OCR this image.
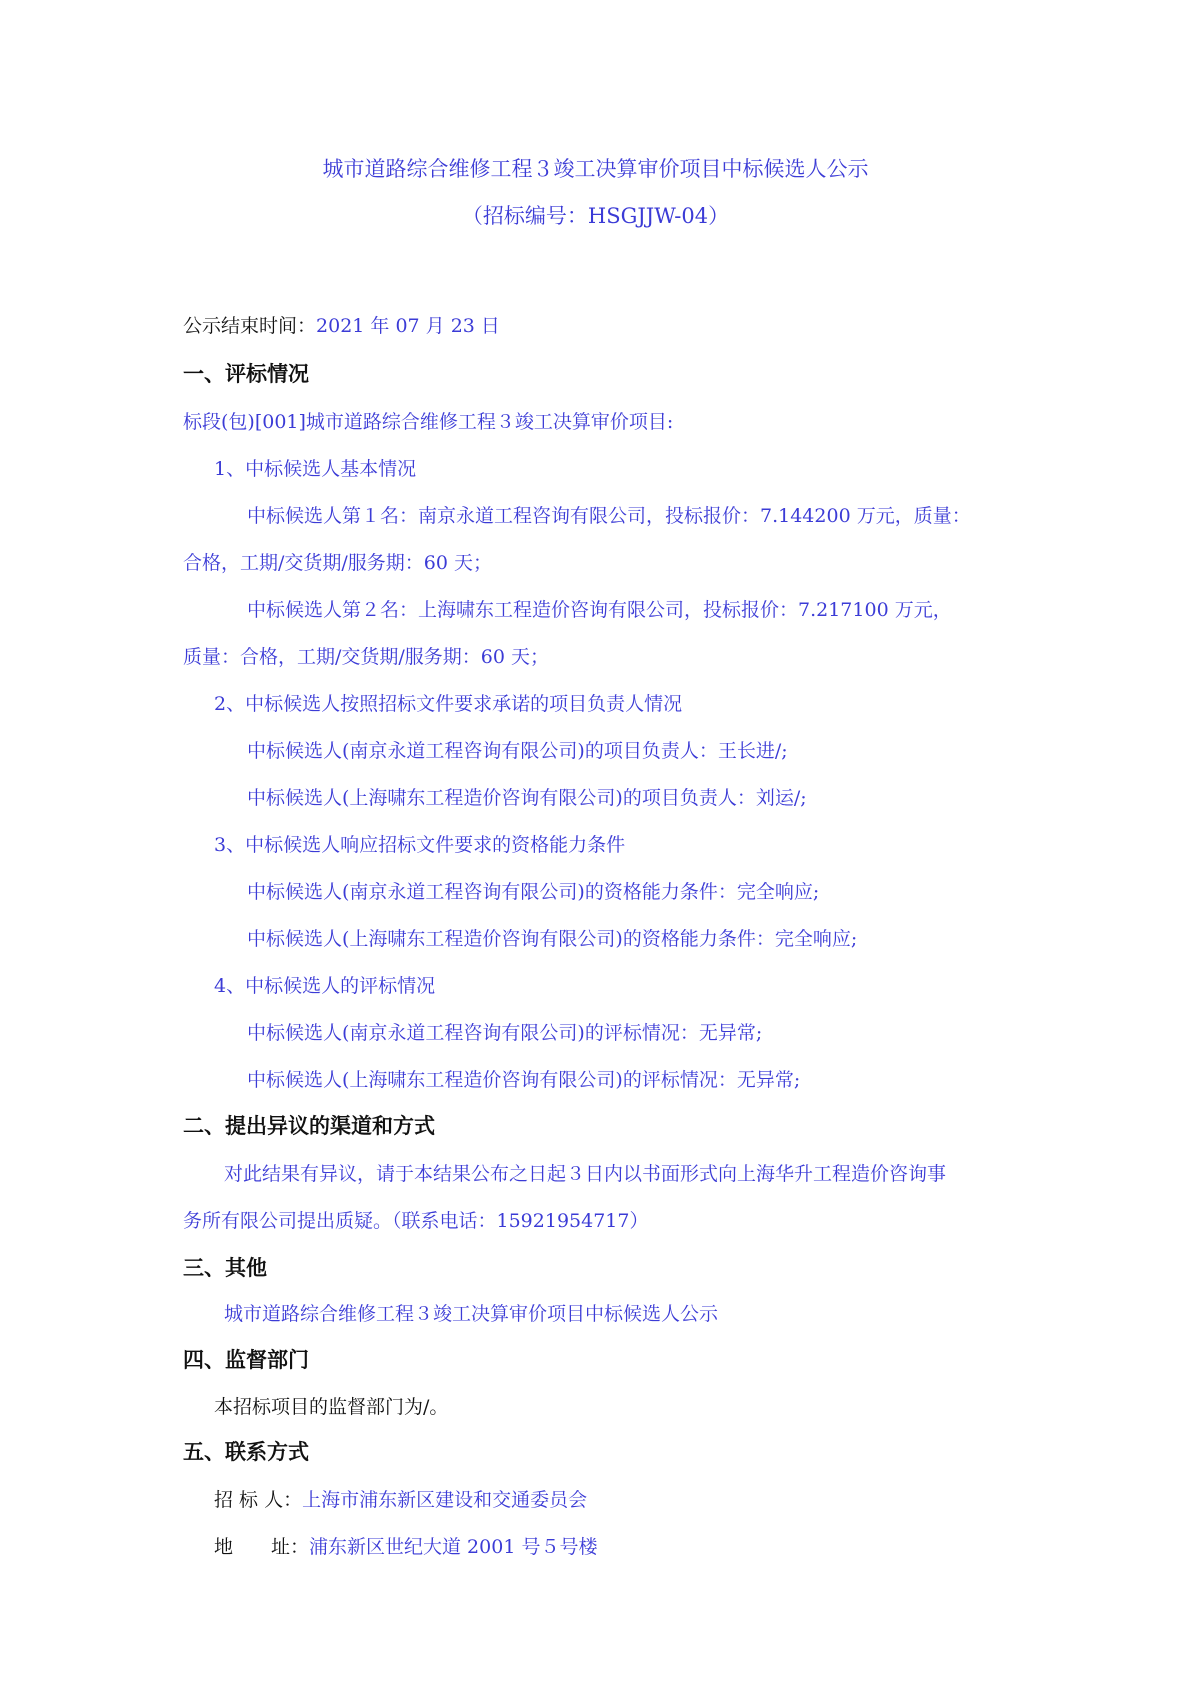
城市道路综合维修工程３竣工决算审价项目中标候选人公示
（招标编号：HSGJJW-04）
公示结束时间：2021 年 07 月 23 日
一、评标情况
标段(包)[001]城市道路综合维修工程３竣工决算审价项目:
1、中标候选人基本情况
中标候选人第１名：南京永道工程咨询有限公司，投标报价：7.144200 万元，质量：
合格，工期/交货期/服务期：60 天；
中标候选人第２名：上海啸东工程造价咨询有限公司，投标报价：7.217100 万元，
质量：合格，工期/交货期/服务期：60 天；
2、中标候选人按照招标文件要求承诺的项目负责人情况
中标候选人(南京永道工程咨询有限公司)的项目负责人：王长进/;
中标候选人(上海啸东工程造价咨询有限公司)的项目负责人：刘运/;
3、中标候选人响应招标文件要求的资格能力条件
中标候选人(南京永道工程咨询有限公司)的资格能力条件：完全响应;
中标候选人(上海啸东工程造价咨询有限公司)的资格能力条件：完全响应;
4、中标候选人的评标情况
中标候选人(南京永道工程咨询有限公司)的评标情况：无异常;
中标候选人(上海啸东工程造价咨询有限公司)的评标情况：无异常;
二、提出异议的渠道和方式
对此结果有异议，请于本结果公布之日起３日内以书面形式向上海华升工程造价咨询事
务所有限公司提出质疑。（联系电话：15921954717）
三、其他
城市道路综合维修工程３竣工决算审价项目中标候选人公示
四、监督部门
本招标项目的监督部门为/。
五、联系方式
招 标 人：上海市浦东新区建设和交通委员会
地　　址：浦东新区世纪大道 2001 号５号楼
